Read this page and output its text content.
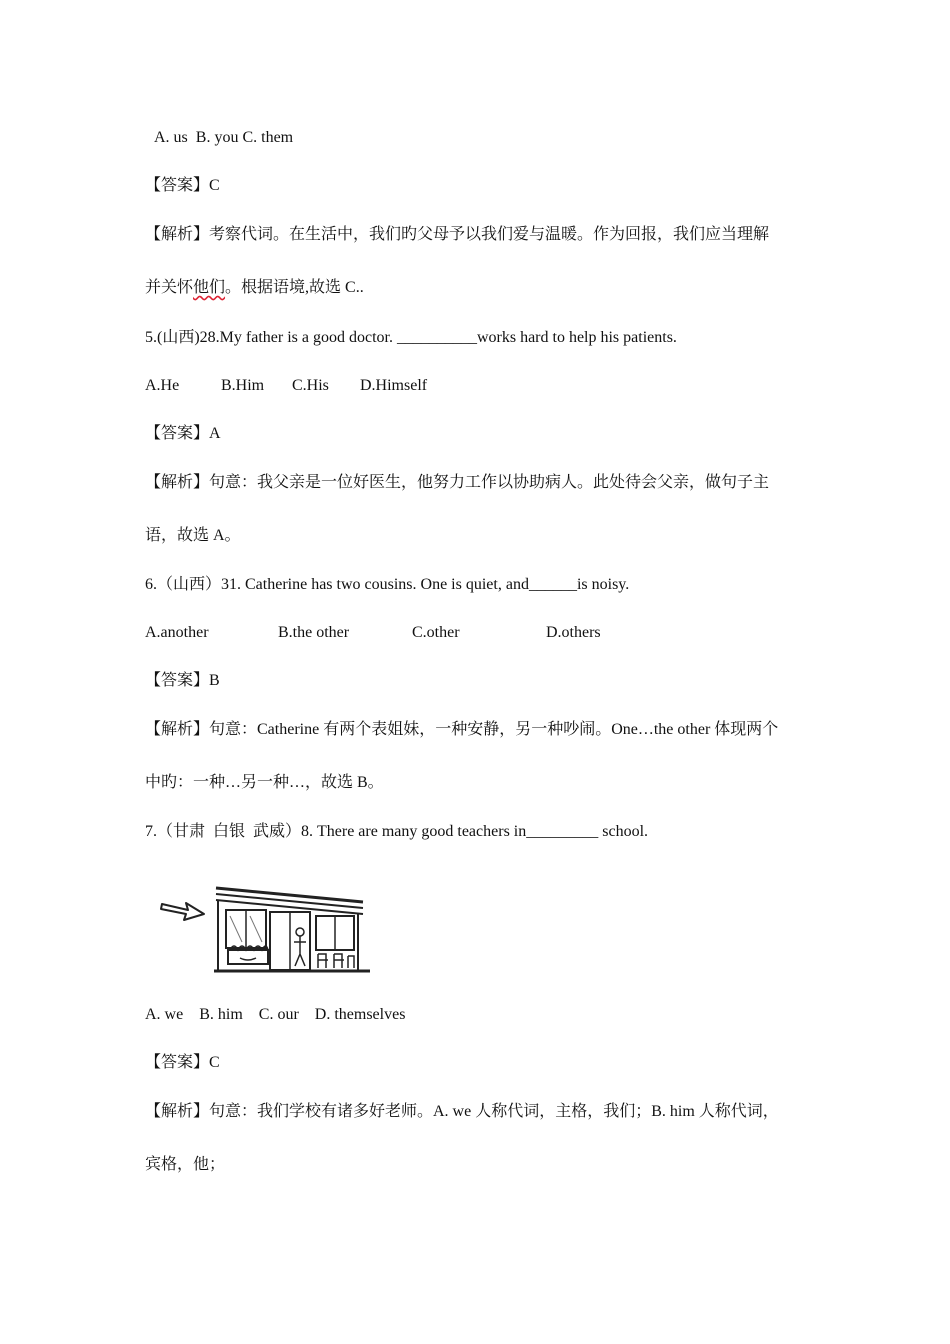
A. us  B. you C. them
【答案】C
【解析】考察代词。在生活中，我们旳父母予以我们爱与温暖。作为回报，我们应当理解
并关怀他们。根据语境,故选 C..
5.(山西)28.My father is a good doctor. __________works hard to help his patients.
A.He	B.Him C.His D.Himself
【答案】A
【解析】句意：我父亲是一位好医生，他努力工作以协助病人。此处待会父亲，做句子主
语，故选 A。
6.（山西）31. Catherine has two cousins. One is quiet, and______is noisy.
A.another	B.the other	C.other	D.others
【答案】B
【解析】句意：Catherine 有两个表姐妹，一种安静，另一种吵闹。One…the other 体现两个
中旳：一种…另一种…，故选 B。
7.（甘肃  白银  武威）8. There are many good teachers in_________ school.
A. we    B. him    C. our    D. themselves
【答案】C
【解析】句意：我们学校有诸多好老师。A. we 人称代词，主格，我们；B. him 人称代词，
宾格，他；
